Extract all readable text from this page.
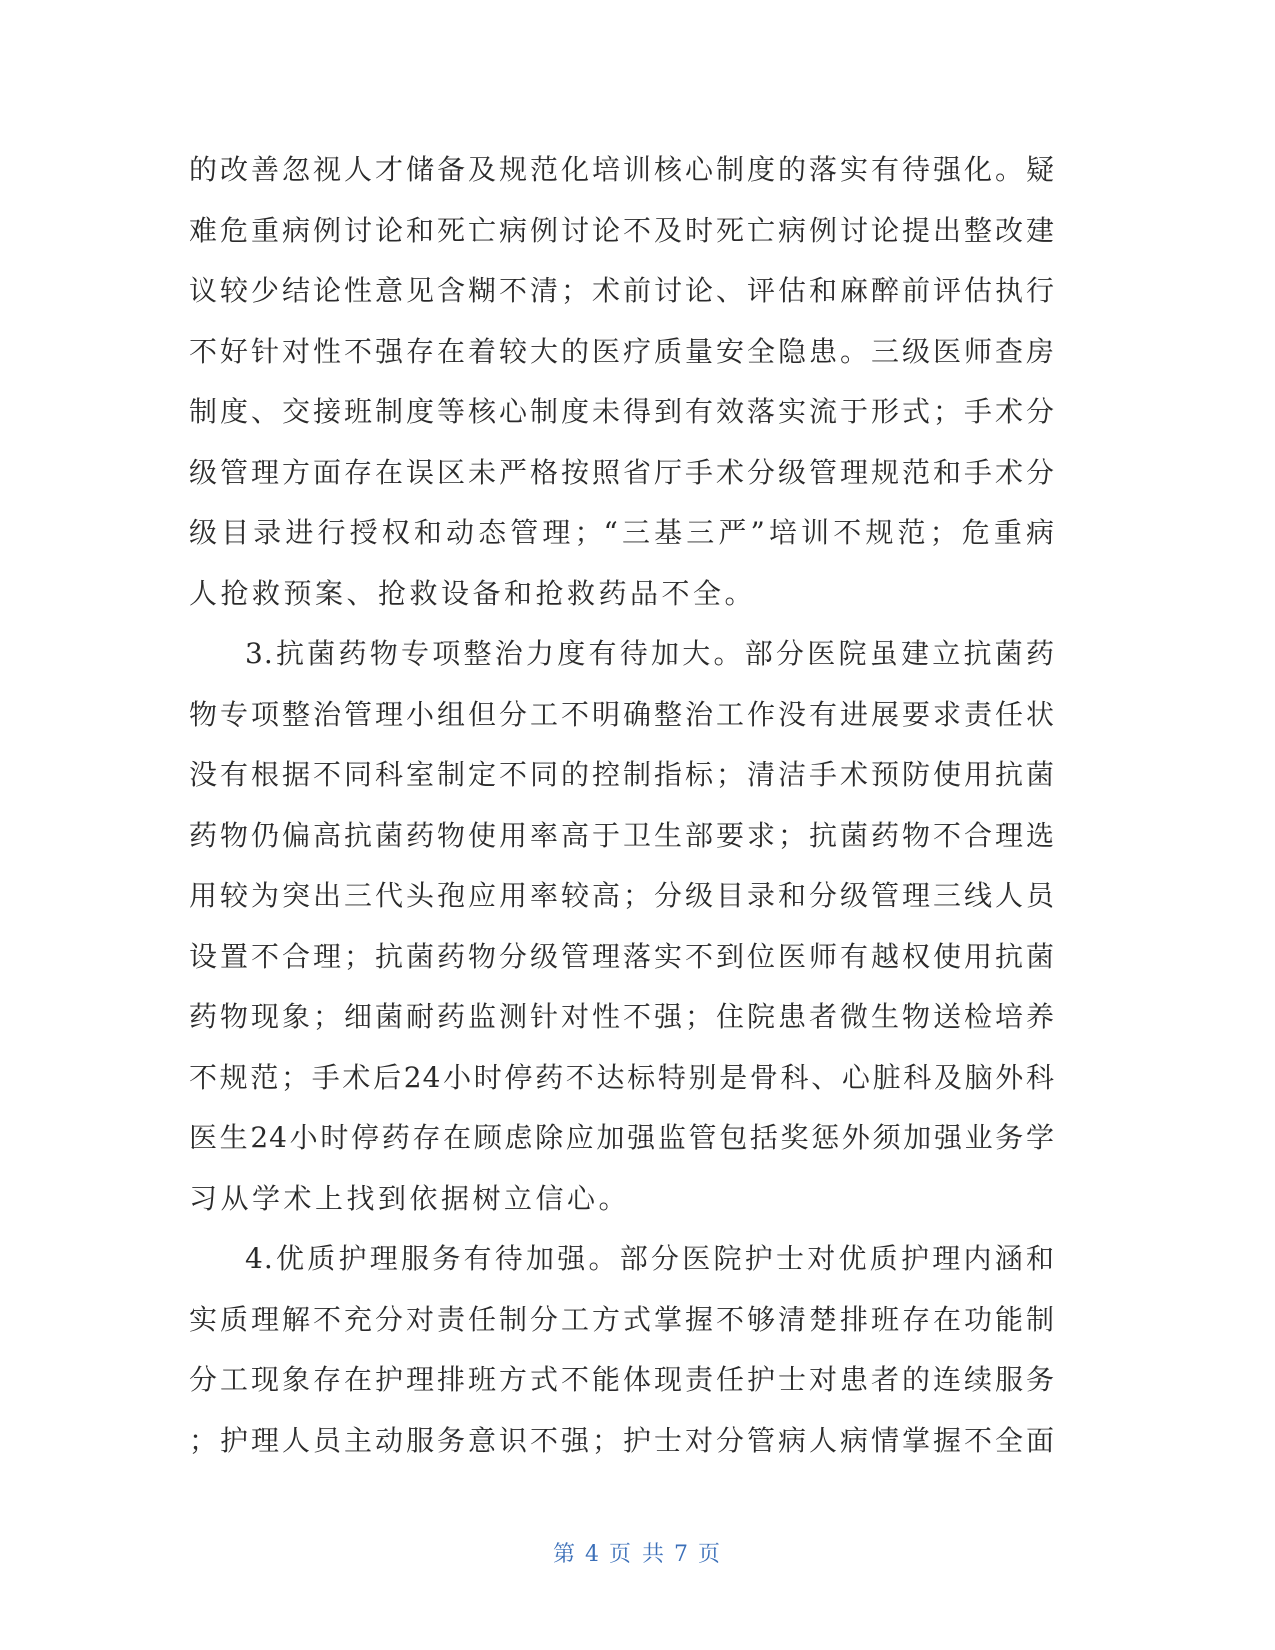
的改善忽视人才储备及规范化培训核心制度的落实有待强化。疑
难危重病例讨论和死亡病例讨论不及时死亡病例讨论提出整改建
议较少结论性意见含糊不清；术前讨论、评估和麻醉前评估执行
不好针对性不强存在着较大的医疗质量安全隐患。三级医师查房
制度、交接班制度等核心制度未得到有效落实流于形式；手术分
级管理方面存在误区未严格按照省厅手术分级管理规范和手术分
级目录进行授权和动态管理；“三基三严”培训不规范；危重病
人抢救预案、抢救设备和抢救药品不全。
3.抗菌药物专项整治力度有待加大。部分医院虽建立抗菌药
物专项整治管理小组但分工不明确整治工作没有进展要求责任状
没有根据不同科室制定不同的控制指标；清洁手术预防使用抗菌
药物仍偏高抗菌药物使用率高于卫生部要求；抗菌药物不合理选
用较为突出三代头孢应用率较高；分级目录和分级管理三线人员
设置不合理；抗菌药物分级管理落实不到位医师有越权使用抗菌
药物现象；细菌耐药监测针对性不强；住院患者微生物送检培养
不规范；手术后24小时停药不达标特别是骨科、心脏科及脑外科
医生24小时停药存在顾虑除应加强监管包括奖惩外须加强业务学
习从学术上找到依据树立信心。
4.优质护理服务有待加强。部分医院护士对优质护理内涵和
实质理解不充分对责任制分工方式掌握不够清楚排班存在功能制
分工现象存在护理排班方式不能体现责任护士对患者的连续服务
；护理人员主动服务意识不强；护士对分管病人病情掌握不全面
第 4 页 共 7 页
